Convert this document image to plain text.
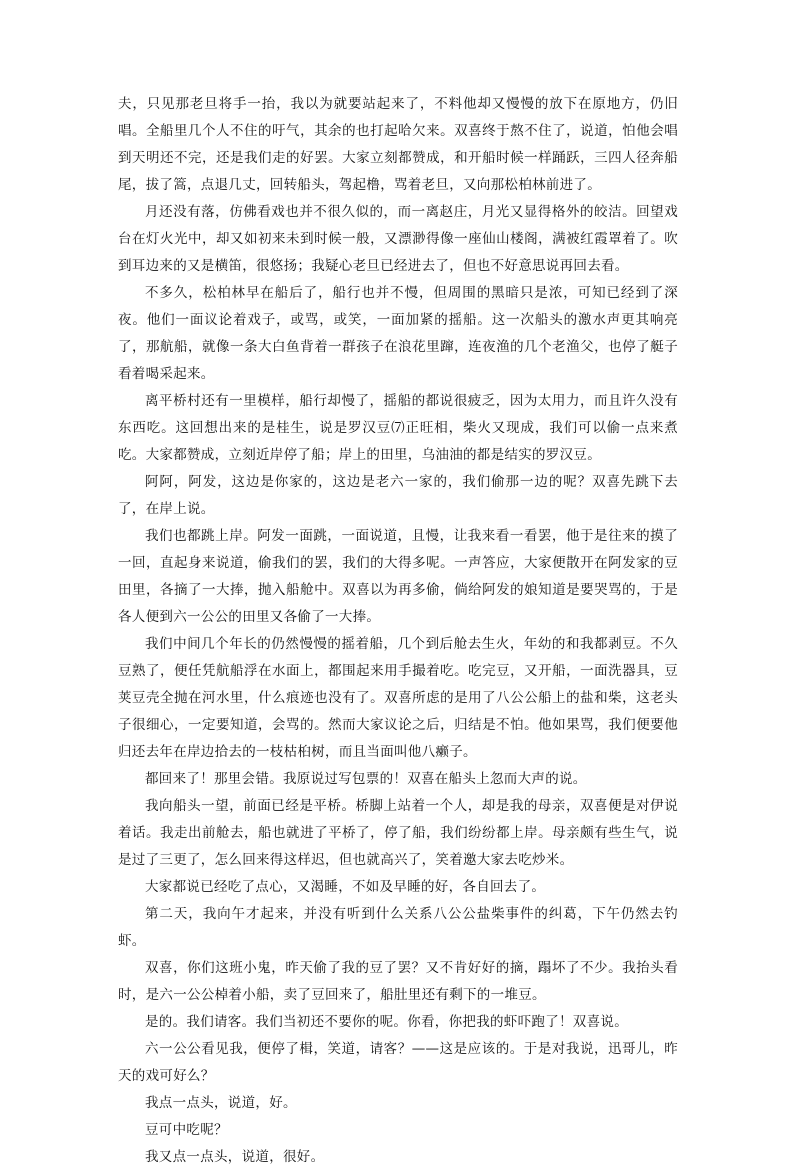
夫，只见那老旦将手一抬，我以为就要站起来了，不料他却又慢慢的放下在原地方，仍旧唱。全船里几个人不住的吁气，其余的也打起哈欠来。双喜终于熬不住了，说道，怕他会唱到天明还不完，还是我们走的好罢。大家立刻都赞成，和开船时候一样踊跃，三四人径奔船尾，拔了篙，点退几丈，回转船头，驾起橹，骂着老旦，又向那松柏林前进了。

月还没有落，仿佛看戏也并不很久似的，而一离赵庄，月光又显得格外的皎洁。回望戏台在灯火光中，却又如初来未到时候一般，又漂渺得像一座仙山楼阁，满被红霞罩着了。吹到耳边来的又是横笛，很悠扬；我疑心老旦已经进去了，但也不好意思说再回去看。

不多久，松柏林早在船后了，船行也并不慢，但周围的黑暗只是浓，可知已经到了深夜。他们一面议论着戏子，或骂，或笑，一面加紧的摇船。这一次船头的激水声更其响亮了，那航船，就像一条大白鱼背着一群孩子在浪花里蹿，连夜渔的几个老渔父，也停了艇子看着喝采起来。

离平桥村还有一里模样，船行却慢了，摇船的都说很疲乏，因为太用力，而且许久没有东西吃。这回想出来的是桂生，说是罗汉豆⑺正旺相，柴火又现成，我们可以偷一点来煮吃。大家都赞成，立刻近岸停了船；岸上的田里，乌油油的都是结实的罗汉豆。

阿阿，阿发，这边是你家的，这边是老六一家的，我们偷那一边的呢？双喜先跳下去了，在岸上说。

我们也都跳上岸。阿发一面跳，一面说道，且慢，让我来看一看罢，他于是往来的摸了一回，直起身来说道，偷我们的罢，我们的大得多呢。一声答应，大家便散开在阿发家的豆田里，各摘了一大捧，抛入船舱中。双喜以为再多偷，倘给阿发的娘知道是要哭骂的，于是各人便到六一公公的田里又各偷了一大捧。

我们中间几个年长的仍然慢慢的摇着船，几个到后舱去生火，年幼的和我都剥豆。不久豆熟了，便任凭航船浮在水面上，都围起来用手撮着吃。吃完豆，又开船，一面洗器具，豆荚豆壳全抛在河水里，什么痕迹也没有了。双喜所虑的是用了八公公船上的盐和柴，这老头子很细心，一定要知道，会骂的。然而大家议论之后，归结是不怕。他如果骂，我们便要他归还去年在岸边拾去的一枝枯桕树，而且当面叫他八癞子。

都回来了！那里会错。我原说过写包票的！双喜在船头上忽而大声的说。

我向船头一望，前面已经是平桥。桥脚上站着一个人，却是我的母亲，双喜便是对伊说着话。我走出前舱去，船也就进了平桥了，停了船，我们纷纷都上岸。母亲颇有些生气，说是过了三更了，怎么回来得这样迟，但也就高兴了，笑着邀大家去吃炒米。

大家都说已经吃了点心，又渴睡，不如及早睡的好，各自回去了。

第二天，我向午才起来，并没有听到什么关系八公公盐柴事件的纠葛，下午仍然去钓虾。

双喜，你们这班小鬼，昨天偷了我的豆了罢？又不肯好好的摘，蹋坏了不少。我抬头看时，是六一公公棹着小船，卖了豆回来了，船肚里还有剩下的一堆豆。

是的。我们请客。我们当初还不要你的呢。你看，你把我的虾吓跑了！双喜说。

六一公公看见我，便停了楫，笑道，请客？——这是应该的。于是对我说，迅哥儿，昨天的戏可好么？

我点一点头，说道，好。

豆可中吃呢？

我又点一点头，说道，很好。
